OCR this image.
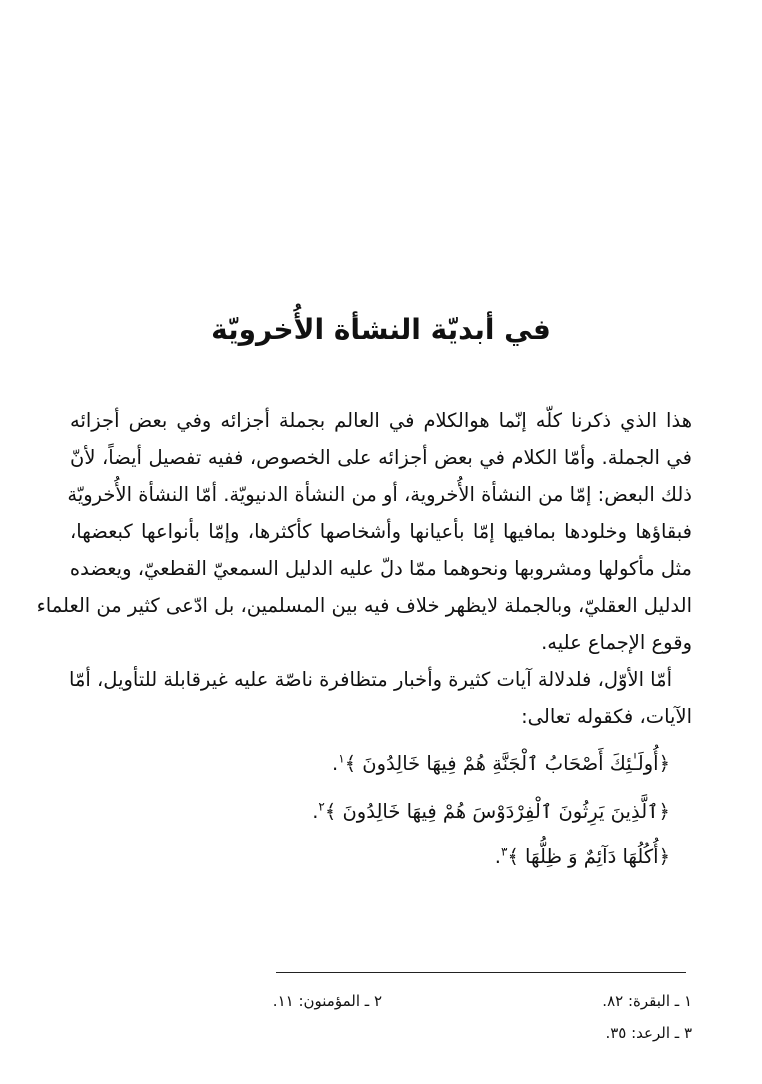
في أبديّة النشأة الأُخرويّة

هذا الذي ذكرنا كلّه إنّما هوالكلام في العالم بجملة أجزائه وفي بعض أجزائه

في الجملة. وأمّا الكلام في بعض أجزائه على الخصوص، ففيه تفصيل أيضاً، لأنّ

ذلك البعض: إمّا من النشأة الأُخروية، أو من النشأة الدنيويّة. أمّا النشأة الأُخرويّة

فبقاؤها وخلودها بمافيها إمّا بأعيانها وأشخاصها كأكثرها، وإمّا بأنواعها كبعضها،

مثل مأكولها ومشروبها ونحوهما ممّا دلّ عليه الدليل السمعيّ القطعيّ، ويعضده

الدليل العقليّ، وبالجملة لايظهر خلاف فيه بين المسلمين، بل ادّعى كثير من العلماء

وقوع الإجماع عليه.

أمّا الأوّل، فلدلالة آيات كثيرة وأخبار متظافرة ناصّة عليه غيرقابلة للتأويل، أمّا

الآيات، فكقوله تعالى:

﴿أُولَـٰئِكَ أَصْحَابُ ٱلْجَنَّةِ هُمْ فِيهَا خَالِدُونَ ﴾$^١$.

﴿ٱلَّذِينَ يَرِثُونَ ٱلْفِرْدَوْسَ هُمْ فِيهَا خَالِدُونَ ﴾$^٢$.

﴿أُكُلُهَا دَآئِمٌ وَ ظِلُّهَا ﴾$^٣$.

١ ـ البقرة: ٨٢.

٢ ـ المؤمنون: ١١.

٣ ـ الرعد: ٣٥.
